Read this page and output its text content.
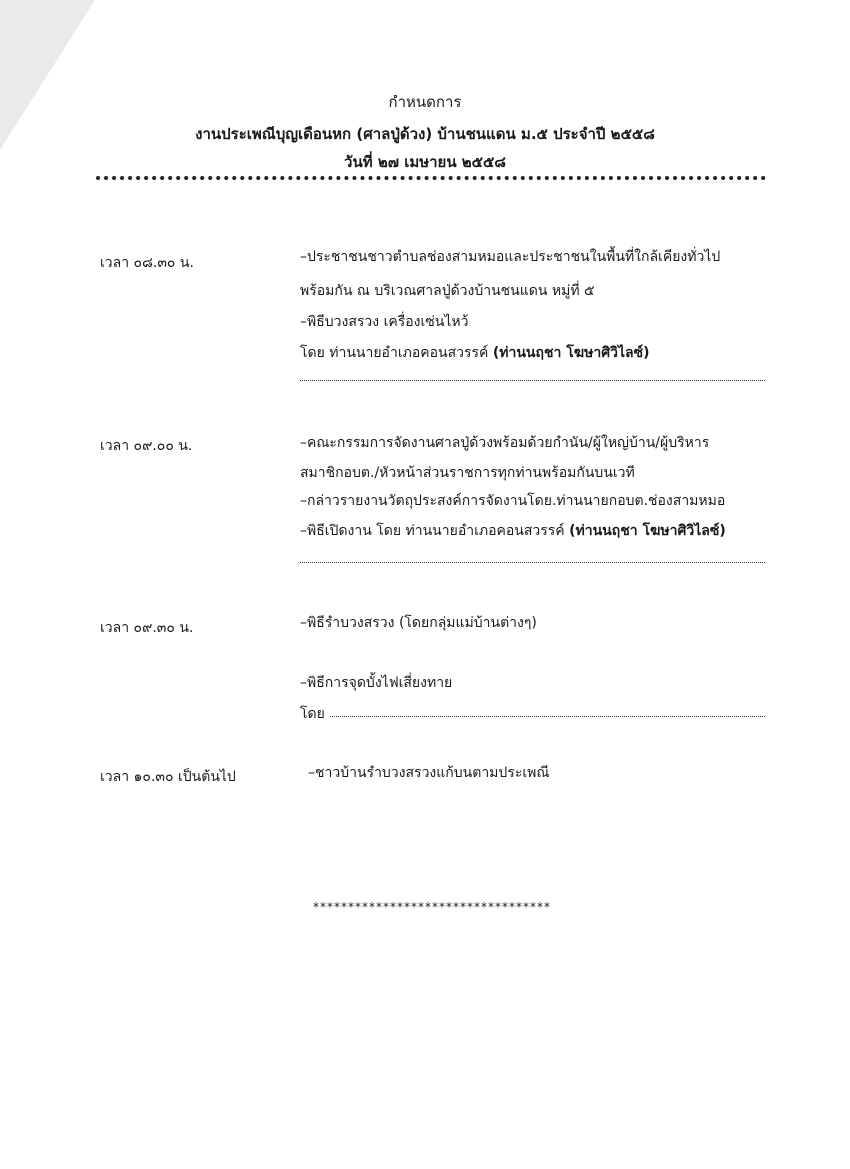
กำหนดการ
งานประเพณีบุญเดือนหก (ศาลปู่ด้วง) บ้านชนแดน ม.๕ ประจำปี ๒๕๕๘
วันที่ ๒๗ เมษายน ๒๕๕๘
เวลา ๐๘.๓๐ น.	–ประชาชนชาวตำบลช่องสามหมอและประชาชนในพื้นที่ใกล้เคียงทั่วไป
พร้อมกัน ณ บริเวณศาลปู่ด้วงบ้านชนแดน หมู่ที่ ๕
–พิธีบวงสรวง เครื่องเซ่นไหว้
โดย ท่านนายอำเภอคอนสวรรค์ (ท่านนฤชา โฆษาศิวิไลซ์)
เวลา ๐๙.๐๐ น.	–คณะกรรมการจัดงานศาลปู่ด้วงพร้อมด้วยกำนัน/ผู้ใหญ่บ้าน/ผู้บริหาร
สมาชิกอบต./หัวหน้าส่วนราชการทุกท่านพร้อมกันบนเวที
–กล่าวรายงานวัตถุประสงค์การจัดงานโดย.ท่านนายกอบต.ช่องสามหมอ
–พิธีเปิดงาน โดย ท่านนายอำเภอคอนสวรรค์ (ท่านนฤชา โฆษาศิวิไลซ์)
เวลา ๐๙.๓๐ น.	–พิธีรำบวงสรวง (โดยกลุ่มแม่บ้านต่างๆ)
–พิธีการจุดบั้งไฟเสี่ยงทาย
โดย
เวลา ๑๐.๓๐ เป็นต้นไป	–ชาวบ้านรำบวงสรวงแก้บนตามประเพณี
**********************************
